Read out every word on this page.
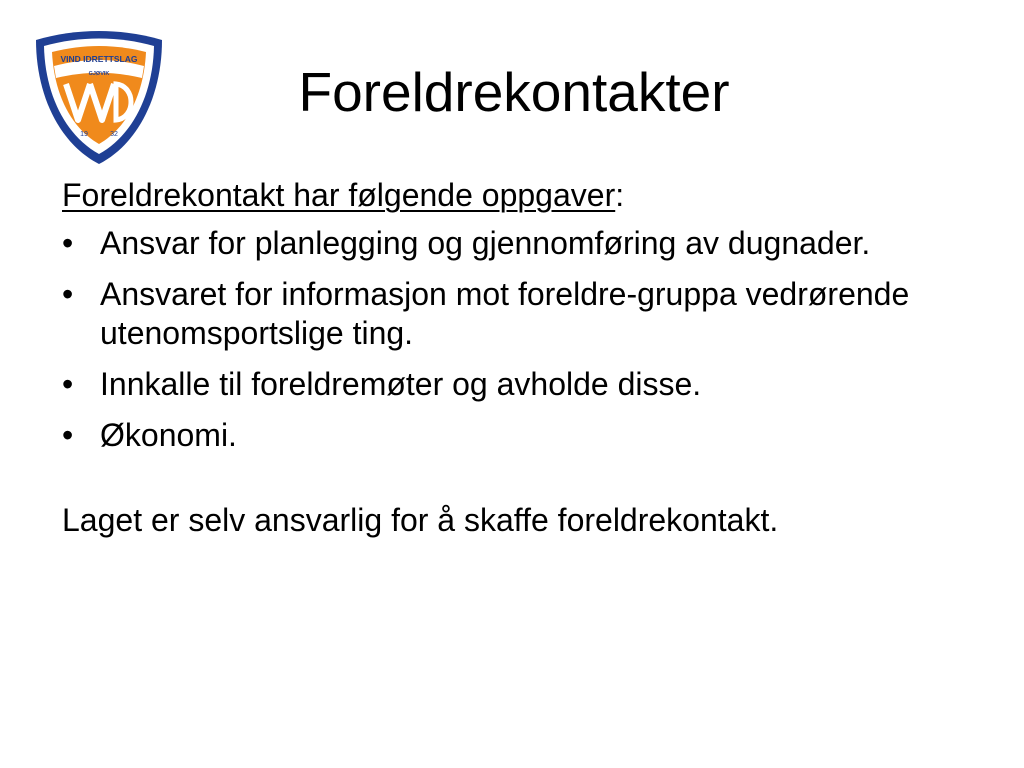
VIND IDRETTSLAG
GJØVIK
19	32
Foreldrekontakter

Foreldrekontakt har følgende oppgaver:

• Ansvar for planlegging og gjennomføring av dugnader.
• Ansvaret for informasjon mot foreldre-gruppa vedrørende utenomsportslige ting.
• Innkalle til foreldremøter og avholde disse.
• Økonomi.

Laget er selv ansvarlig for å skaffe foreldrekontakt.
